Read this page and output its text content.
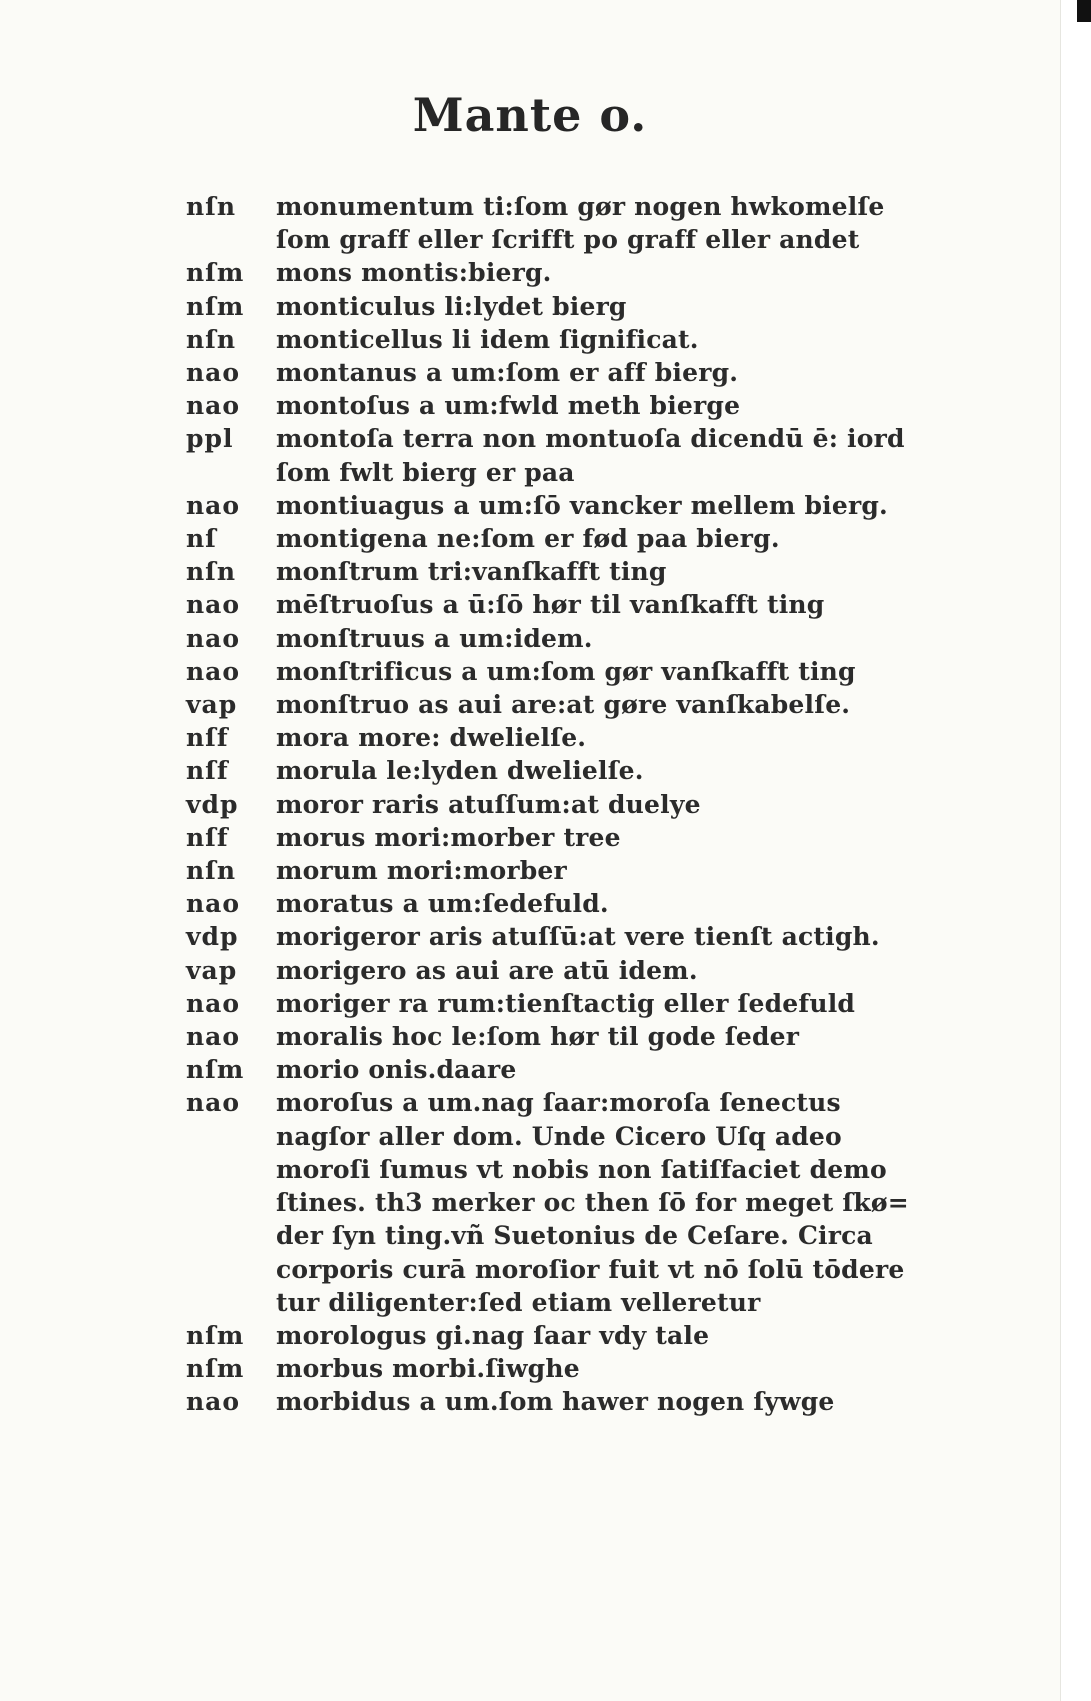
Mante o.
nſn	monumentum ti:ſom gør nogen hwkomelſe
ſom graff eller ſcrifft po graff eller andet
nſm	mons montis:bierg.
nſm	monticulus li:lydet bierg
nſn	monticellus li idem ſignificat.
nao	montanus a um:ſom er aff bierg.
nao	montoſus a um:fwld meth bierge
ppl	montoſa terra non montuoſa dicendū ē: iord
ſom fwlt bierg er paa
nao	montiuagus a um:ſō vancker mellem bierg.
nſ	montigena ne:ſom er fød paa bierg.
nſn	monſtrum tri:vanſkafft ting
nao	mēſtruoſus a ū:ſō hør til vanſkafft ting
nao	monſtruus a um:idem.
nao	monſtrificus a um:ſom gør vanſkafft ting
vap	monſtruo as aui are:at gøre vanſkabelſe.
nſf	mora more: dwelielſe.
nſf	morula le:lyden dwelielſe.
vdp	moror raris atuſſum:at duelye
nſf	morus mori:morber tree
nſn	morum mori:morber
nao	moratus a um:ſedefuld.
vdp	morigeror aris atuſſū:at vere tienſt actigh.
vap	morigero as aui are atū idem.
nao	moriger ra rum:tienſtactig eller ſedefuld
nao	moralis hoc le:ſom hør til gode ſeder
nſm	morio onis.daare
nao	moroſus a um.nag ſaar:moroſa ſenectus
nagſor aller dom. Unde Cicero Uſq adeo
moroſi ſumus vt nobis non ſatiſfaciet demo
ſtines. th3 merker oc then ſō for meget ſkø=
der ſyn ting.vñ Suetonius de Ceſare. Circa
corporis curā moroſior fuit vt nō ſolū tōdere
tur diligenter:ſed etiam velleretur
nſm	morologus gi.nag ſaar vdy tale
nſm	morbus morbi.ſiwghe
nao	morbidus a um.ſom hawer nogen ſywge
